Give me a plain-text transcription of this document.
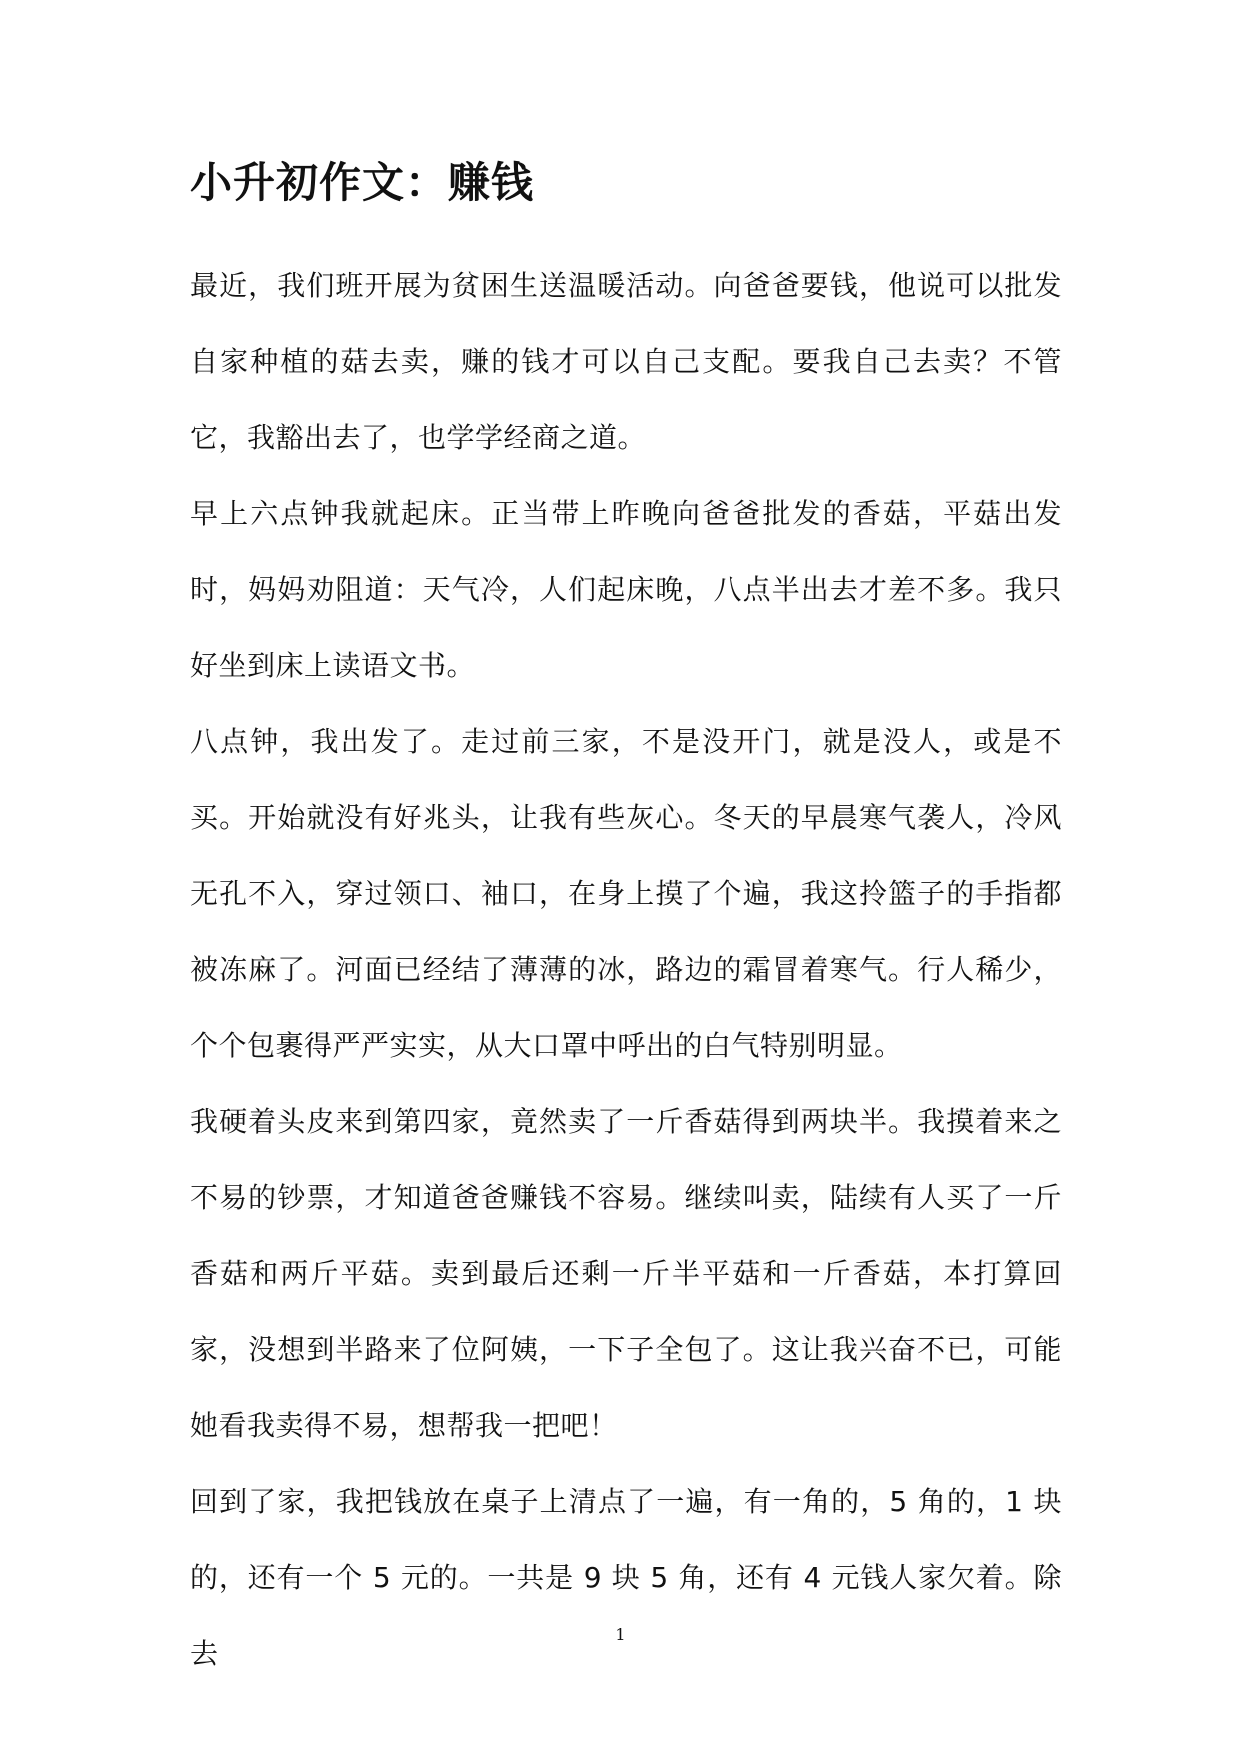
小升初作文：赚钱

最近，我们班开展为贫困生送温暖活动。向爸爸要钱，他说可以批发自家种植的菇去卖，赚的钱才可以自己支配。要我自己去卖？不管它，我豁出去了，也学学经商之道。

早上六点钟我就起床。正当带上昨晚向爸爸批发的香菇，平菇出发时，妈妈劝阻道：天气冷，人们起床晚，八点半出去才差不多。我只好坐到床上读语文书。

八点钟，我出发了。走过前三家，不是没开门，就是没人，或是不买。开始就没有好兆头，让我有些灰心。冬天的早晨寒气袭人，冷风无孔不入，穿过领口、袖口，在身上摸了个遍，我这拎篮子的手指都被冻麻了。河面已经结了薄薄的冰，路边的霜冒着寒气。行人稀少，个个包裹得严严实实，从大口罩中呼出的白气特别明显。

我硬着头皮来到第四家，竟然卖了一斤香菇得到两块半。我摸着来之不易的钞票，才知道爸爸赚钱不容易。继续叫卖，陆续有人买了一斤香菇和两斤平菇。卖到最后还剩一斤半平菇和一斤香菇，本打算回家，没想到半路来了位阿姨，一下子全包了。这让我兴奋不已，可能她看我卖得不易，想帮我一把吧！

回到了家，我把钱放在桌子上清点了一遍，有一角的，5 角的，1 块的，还有一个 5 元的。一共是 9 块 5 角，还有 4 元钱人家欠着。除去

1
